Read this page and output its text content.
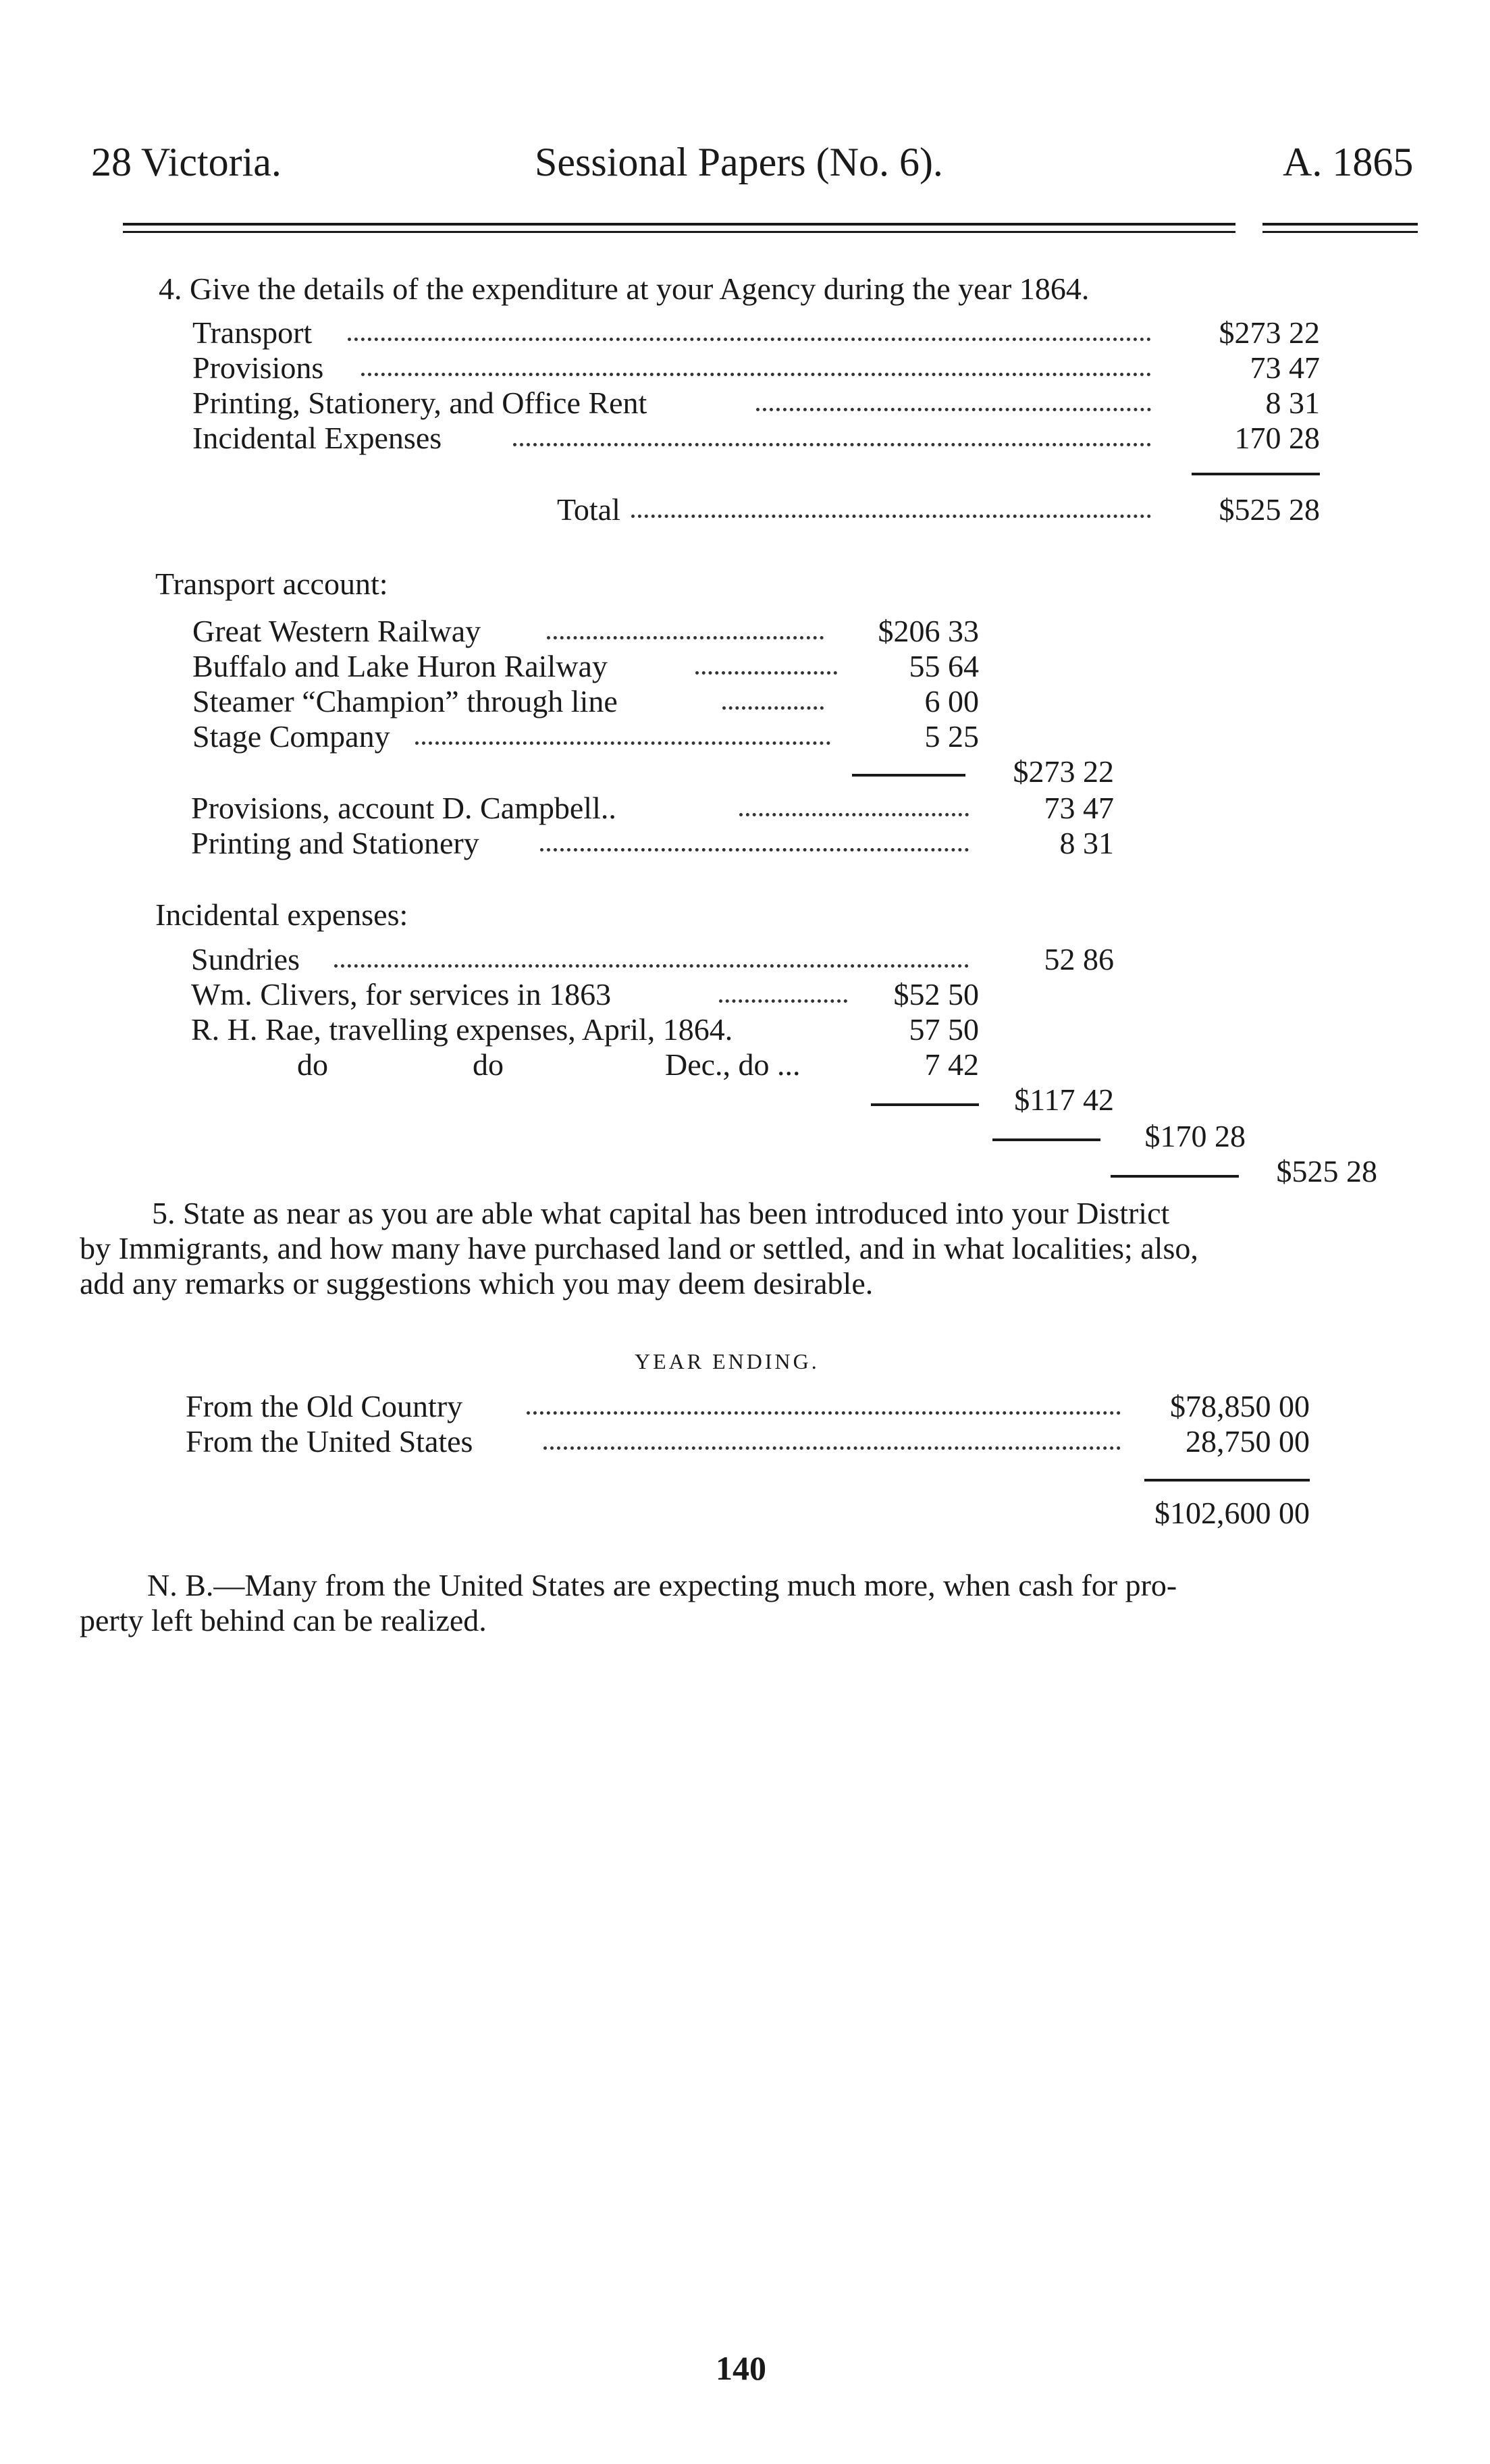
28 Victoria.	Sessional Papers (No. 6).	A. 1865
4. Give the details of the expenditure at your Agency during the year 1864.
Transport	$273 22
Provisions	73 47
Printing, Stationery, and Office Rent	8 31
Incidental Expenses	170 28
Total	$525 28
Transport account:
Great Western Railway	$206 33
Buffalo and Lake Huron Railway	55 64
Steamer “Champion” through line	6 00
Stage Company	5 25
$273 22
Provisions, account D. Campbell..	73 47
Printing and Stationery	8 31
Incidental expenses:
Sundries	52 86
Wm. Clivers, for services in 1863	$52 50
R. H. Rae, travelling expenses, April, 1864.	57 50
do	do	Dec., do ...	7 42
$117 42
$170 28
$525 28
5. State as near as you are able what capital has been introduced into your District
by Immigrants, and how many have purchased land or settled, and in what localities; also,
add any remarks or suggestions which you may deem desirable.
YEAR ENDING.
From the Old Country	$78,850 00
From the United States	28,750 00
$102,600 00
N. B.—Many from the United States are expecting much more, when cash for pro-
perty left behind can be realized.
140
